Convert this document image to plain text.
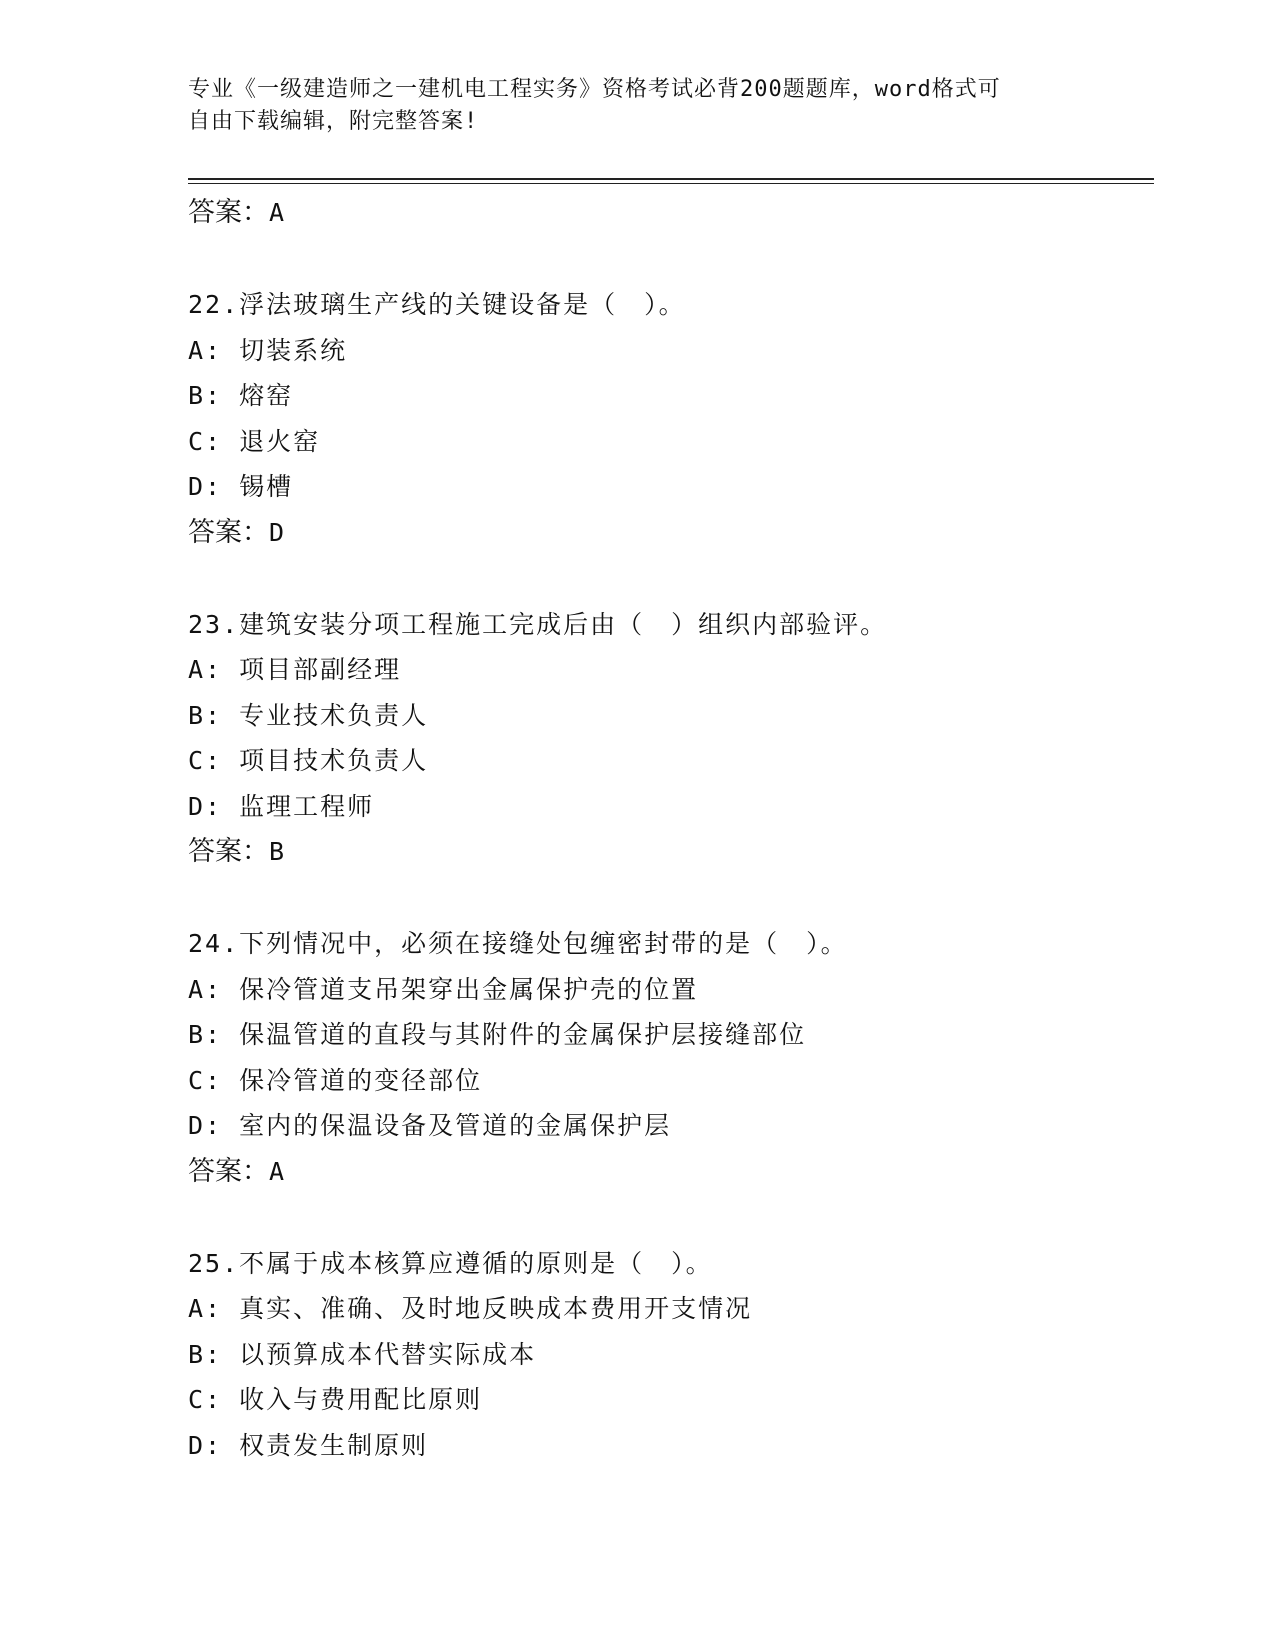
专业《一级建造师之一建机电工程实务》资格考试必背200题题库，word格式可
自由下载编辑，附完整答案!
答案：A
22.浮法玻璃生产线的关键设备是（　）。
A: 切装系统
B: 熔窑
C: 退火窑
D: 锡槽
答案：D
23.建筑安装分项工程施工完成后由（　）组织内部验评。
A: 项目部副经理
B: 专业技术负责人
C: 项目技术负责人
D: 监理工程师
答案：B
24.下列情况中，必须在接缝处包缠密封带的是（　）。
A: 保冷管道支吊架穿出金属保护壳的位置
B: 保温管道的直段与其附件的金属保护层接缝部位
C: 保冷管道的变径部位
D: 室内的保温设备及管道的金属保护层
答案：A
25.不属于成本核算应遵循的原则是（　）。
A: 真实、准确、及时地反映成本费用开支情况
B: 以预算成本代替实际成本
C: 收入与费用配比原则
D: 权责发生制原则
